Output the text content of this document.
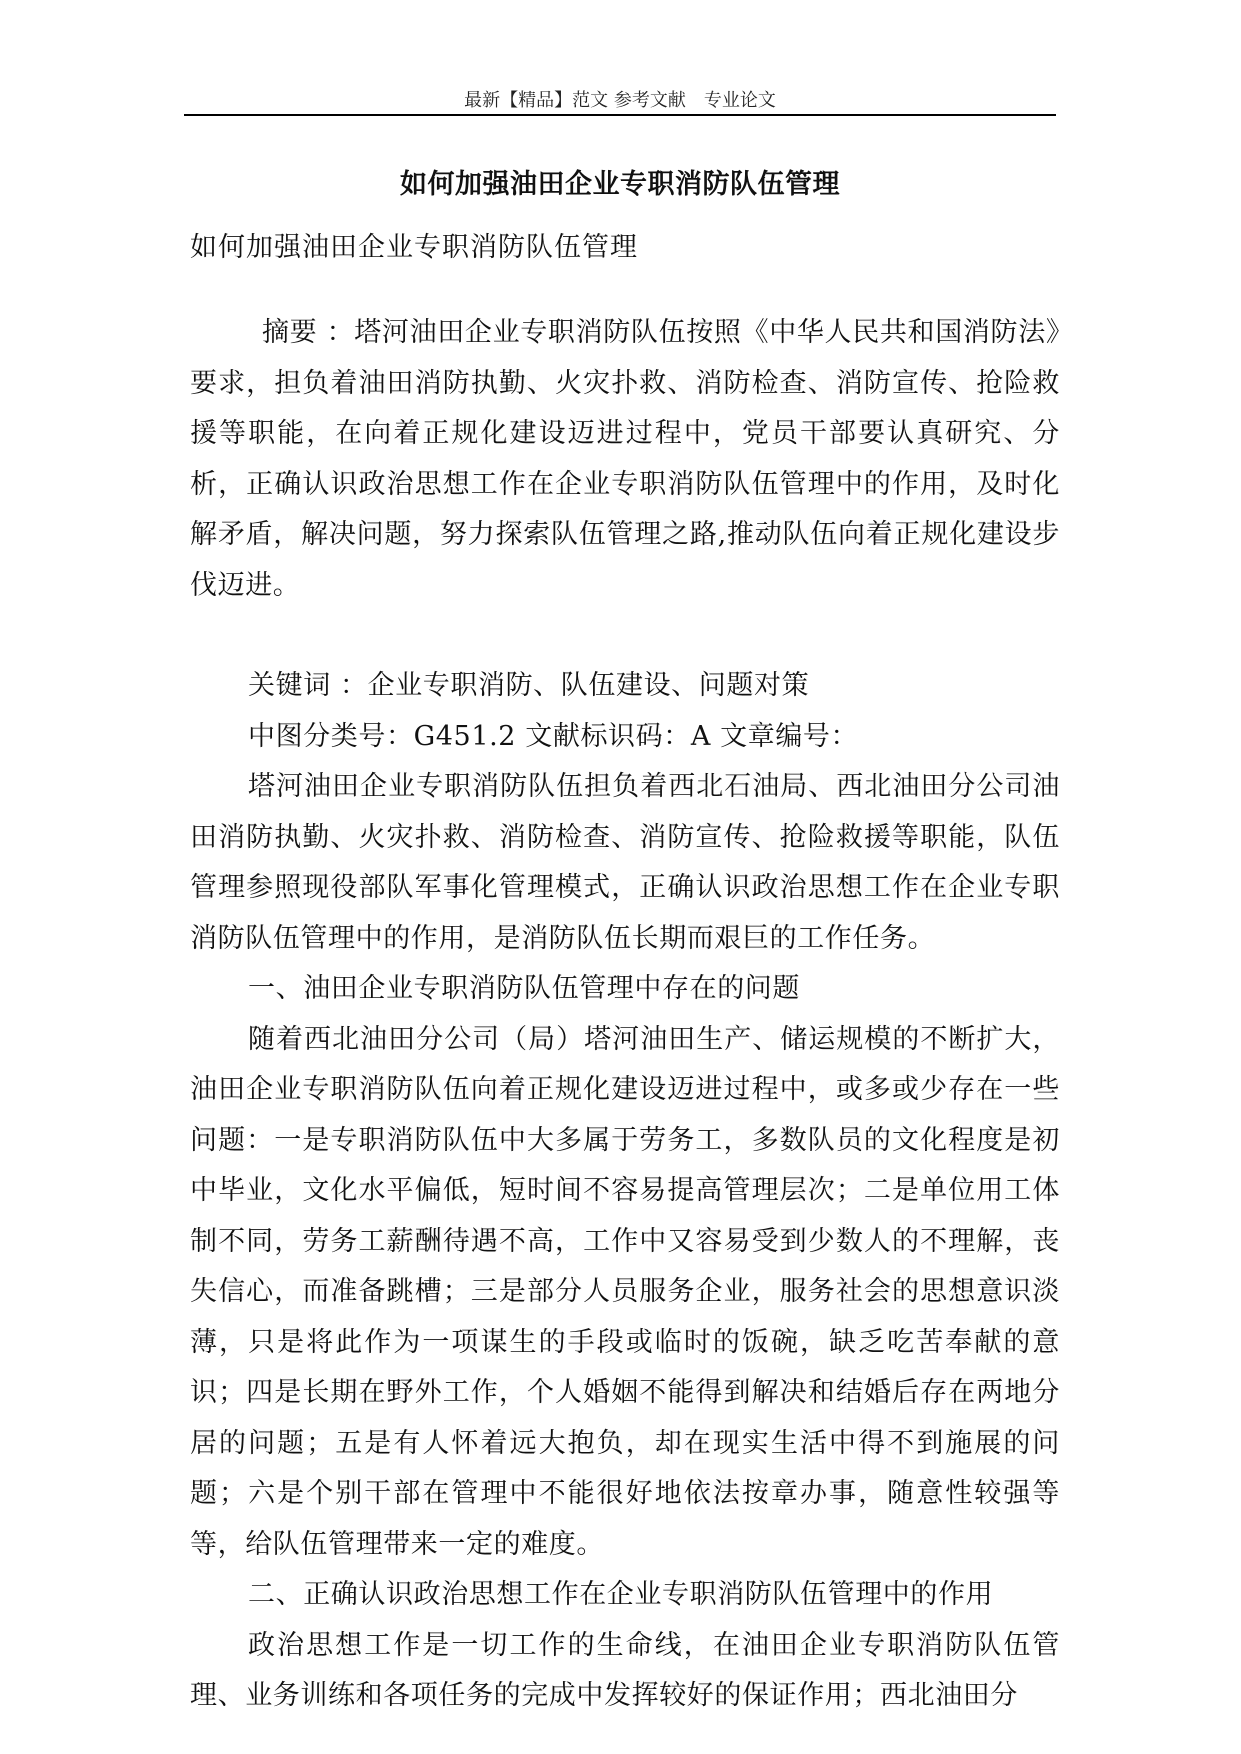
最新【精品】范文 参考文献　专业论文
如何加强油田企业专职消防队伍管理
如何加强油田企业专职消防队伍管理

摘要 ：塔河油田企业专职消防队伍按照《中华人民共和国消防法》要求，担负着油田消防执勤、火灾扑救、消防检查、消防宣传、抢险救援等职能，在向着正规化建设迈进过程中，党员干部要认真研究、分析，正确认识政治思想工作在企业专职消防队伍管理中的作用，及时化解矛盾，解决问题，努力探索队伍管理之路,推动队伍向着正规化建设步伐迈进。

关键词 ：企业专职消防、队伍建设、问题对策

中图分类号：G451.2 文献标识码：A 文章编号：

塔河油田企业专职消防队伍担负着西北石油局、西北油田分公司油田消防执勤、火灾扑救、消防检查、消防宣传、抢险救援等职能，队伍管理参照现役部队军事化管理模式，正确认识政治思想工作在企业专职消防队伍管理中的作用，是消防队伍长期而艰巨的工作任务。

一、油田企业专职消防队伍管理中存在的问题

随着西北油田分公司（局）塔河油田生产、储运规模的不断扩大，油田企业专职消防队伍向着正规化建设迈进过程中，或多或少存在一些问题：一是专职消防队伍中大多属于劳务工，多数队员的文化程度是初中毕业，文化水平偏低，短时间不容易提高管理层次；二是单位用工体制不同，劳务工薪酬待遇不高，工作中又容易受到少数人的不理解，丧失信心，而准备跳槽；三是部分人员服务企业，服务社会的思想意识淡薄，只是将此作为一项谋生的手段或临时的饭碗，缺乏吃苦奉献的意识；四是长期在野外工作，个人婚姻不能得到解决和结婚后存在两地分居的问题；五是有人怀着远大抱负，却在现实生活中得不到施展的问题；六是个别干部在管理中不能很好地依法按章办事，随意性较强等等，给队伍管理带来一定的难度。

二、正确认识政治思想工作在企业专职消防队伍管理中的作用

政治思想工作是一切工作的生命线，在油田企业专职消防队伍管理、业务训练和各项任务的完成中发挥较好的保证作用；西北油田分
